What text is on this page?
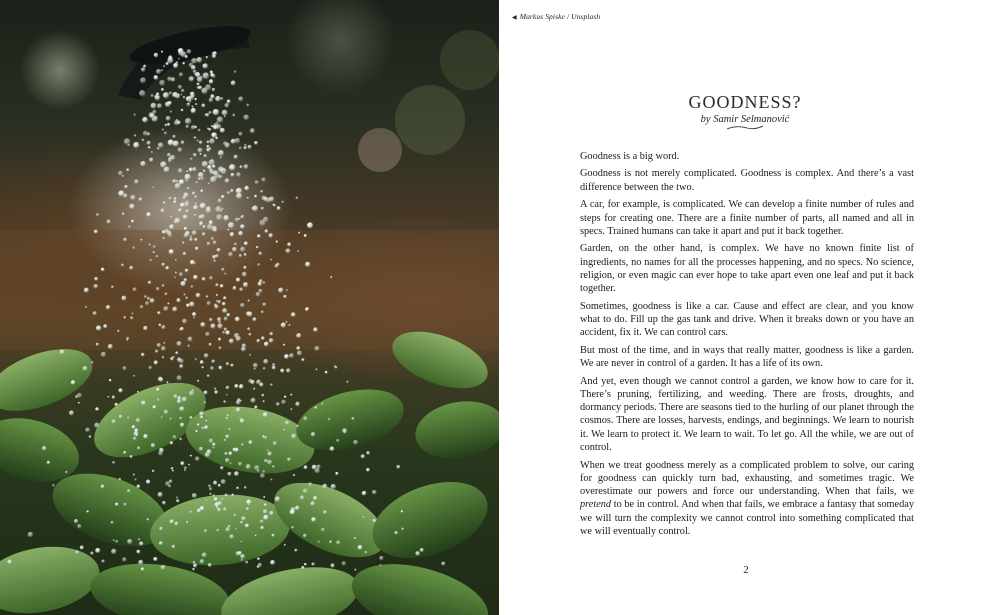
◀ Markus Spiske / Unsplash
GOODNESS?
by Samir Selmanović

Goodness is a big word.

Goodness is not merely complicated. Goodness is complex. And there’s a vast difference between the two.

A car, for example, is complicated. We can develop a finite number of rules and steps for creating one. There are a finite number of parts, all named and all in specs. Trained humans can take it apart and put it back together.

Garden, on the other hand, is complex. We have no known finite list of ingredients, no names for all the processes happening, and no specs. No science, religion, or even magic can ever hope to take apart even one leaf and put it back together.

Sometimes, goodness is like a car. Cause and effect are clear, and you know what to do. Fill up the gas tank and drive. When it breaks down or you have an accident, fix it. We can control cars.

But most of the time, and in ways that really matter, goodness is like a garden. We are never in control of a garden. It has a life of its own.

And yet, even though we cannot control a garden, we know how to care for it. There’s pruning, fertilizing, and weeding. There are frosts, droughts, and dormancy periods. There are seasons tied to the hurling of our planet through the cosmos. There are losses, harvests, endings, and beginnings. We learn to nourish it. We learn to protect it. We learn to wait. To let go. All the while, we are out of control.

When we treat goodness merely as a complicated problem to solve, our caring for goodness can quickly turn bad, exhausting, and sometimes tragic. We overestimate our powers and force our understanding. When that fails, we pretend to be in control. And when that fails, we embrace a fantasy that someday we will turn the complexity we cannot control into something complicated that we will eventually control.

2
